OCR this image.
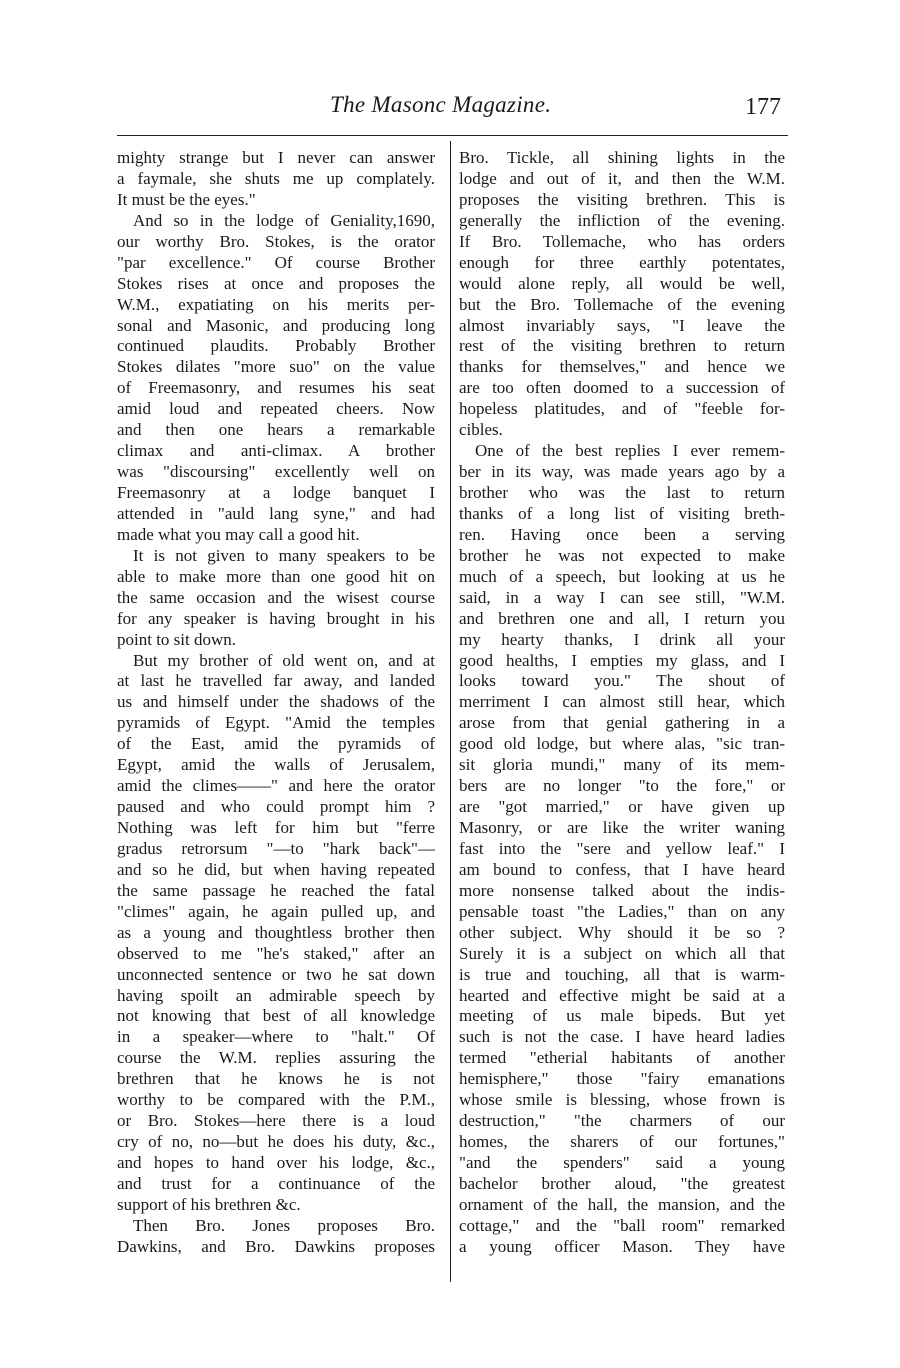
The Masonc Magazine.	177
mighty strange but I never can answer
a faymale, she shuts me up complately.
It must be the eyes."
And so in the lodge of Geniality,1690,
our worthy Bro. Stokes, is the orator
"par excellence." Of course Brother
Stokes rises at once and proposes the
W.M., expatiating on his merits per-
sonal and Masonic, and producing long
continued plaudits. Probably Brother
Stokes dilates "more suo" on the value
of Freemasonry, and resumes his seat
amid loud and repeated cheers. Now
and then one hears a remarkable
climax and anti-climax. A brother
was "discoursing" excellently well on
Freemasonry at a lodge banquet I
attended in "auld lang syne," and had
made what you may call a good hit.
It is not given to many speakers to be
able to make more than one good hit on
the same occasion and the wisest course
for any speaker is having brought in his
point to sit down.
But my brother of old went on, and at
at last he travelled far away, and landed
us and himself under the shadows of the
pyramids of Egypt. "Amid the temples
of the East, amid the pyramids of
Egypt, amid the walls of Jerusalem,
amid the climes——" and here the orator
paused and who could prompt him ?
Nothing was left for him but "ferre
gradus retrorsum "—to "hark back"—
and so he did, but when having repeated
the same passage he reached the fatal
"climes" again, he again pulled up, and
as a young and thoughtless brother then
observed to me "he's staked," after an
unconnected sentence or two he sat down
having spoilt an admirable speech by
not knowing that best of all knowledge
in a speaker—where to "halt." Of
course the W.M. replies assuring the
brethren that he knows he is not
worthy to be compared with the P.M.,
or Bro. Stokes—here there is a loud
cry of no, no—but he does his duty, &c.,
and hopes to hand over his lodge, &c.,
and trust for a continuance of the
support of his brethren &c.
Then Bro. Jones proposes Bro.
Dawkins, and Bro. Dawkins proposes
Bro. Tickle, all shining lights in the
lodge and out of it, and then the W.M.
proposes the visiting brethren. This is
generally the infliction of the evening.
If Bro. Tollemache, who has orders
enough for three earthly potentates,
would alone reply, all would be well,
but the Bro. Tollemache of the evening
almost invariably says, "I leave the
rest of the visiting brethren to return
thanks for themselves," and hence we
are too often doomed to a succession of
hopeless platitudes, and of "feeble for-
cibles.
One of the best replies I ever remem-
ber in its way, was made years ago by a
brother who was the last to return
thanks of a long list of visiting breth-
ren. Having once been a serving
brother he was not expected to make
much of a speech, but looking at us he
said, in a way I can see still, "W.M.
and brethren one and all, I return you
my hearty thanks, I drink all your
good healths, I empties my glass, and I
looks toward you." The shout of
merriment I can almost still hear, which
arose from that genial gathering in a
good old lodge, but where alas, "sic tran-
sit gloria mundi," many of its mem-
bers are no longer "to the fore," or
are "got married," or have given up
Masonry, or are like the writer waning
fast into the "sere and yellow leaf." I
am bound to confess, that I have heard
more nonsense talked about the indis-
pensable toast "the Ladies," than on any
other subject. Why should it be so ?
Surely it is a subject on which all that
is true and touching, all that is warm-
hearted and effective might be said at a
meeting of us male bipeds. But yet
such is not the case. I have heard ladies
termed "etherial habitants of another
hemisphere," those "fairy emanations
whose smile is blessing, whose frown is
destruction," "the charmers of our
homes, the sharers of our fortunes,"
"and the spenders" said a young
bachelor brother aloud, "the greatest
ornament of the hall, the mansion, and the
cottage," and the "ball room" remarked
a young officer Mason. They have
